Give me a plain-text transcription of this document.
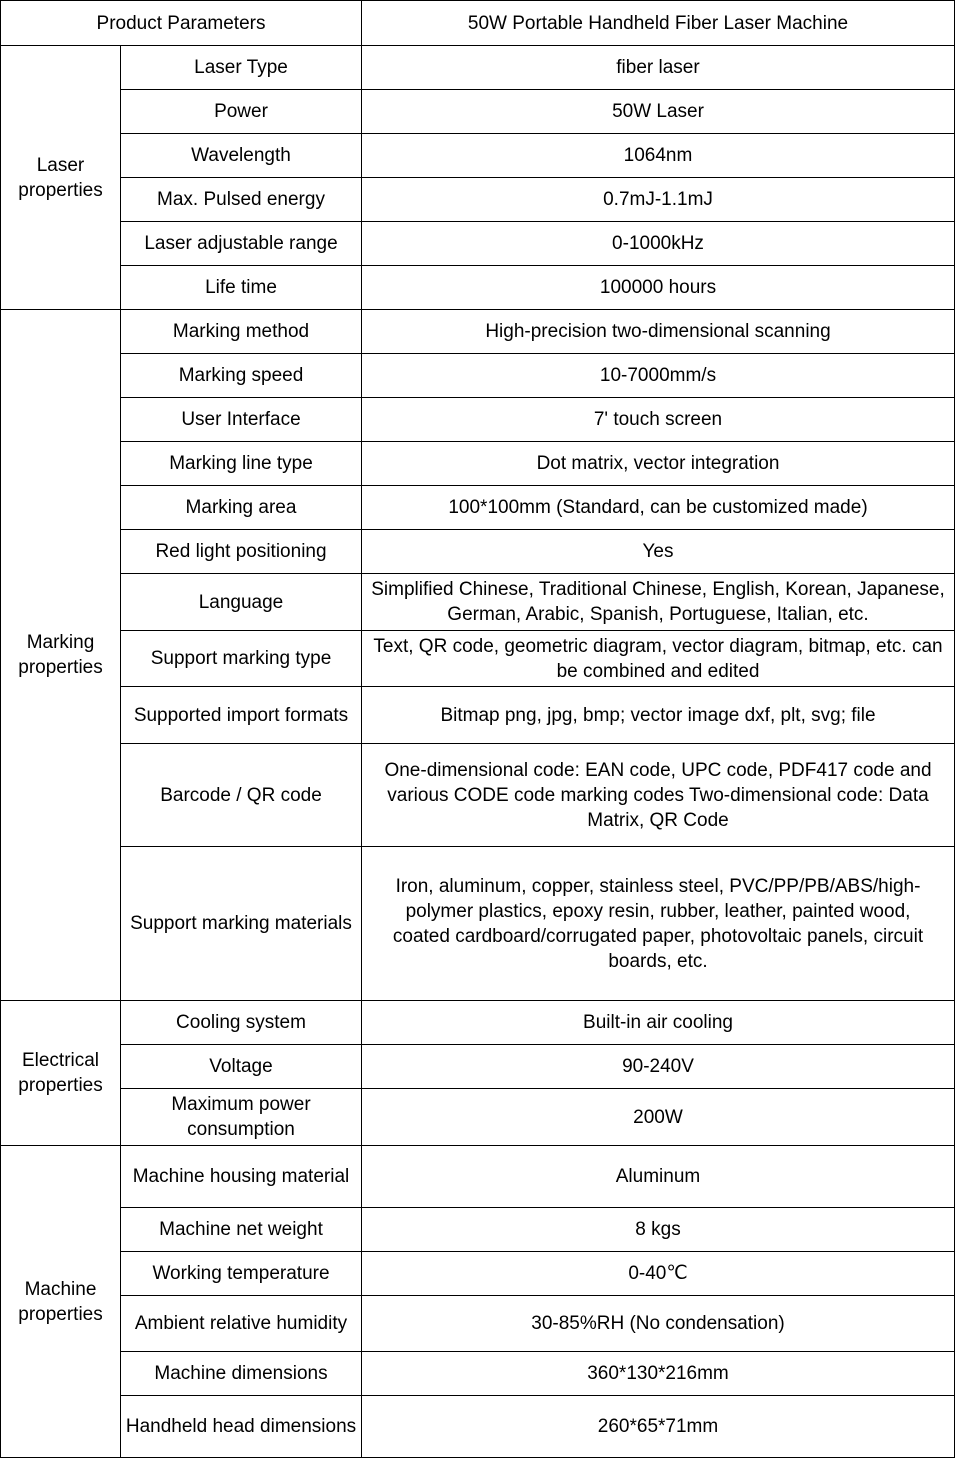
Product Parameters		50W Portable Handheld Fiber Laser Machine
Laser properties	Laser Type	fiber laser
	Power	50W Laser
	Wavelength	1064nm
	Max. Pulsed energy	0.7mJ-1.1mJ
	Laser adjustable range	0-1000kHz
	Life time	100000 hours
Marking properties	Marking method	High-precision two-dimensional scanning
	Marking speed	10-7000mm/s
	User Interface	7' touch screen
	Marking line type	Dot matrix, vector integration
	Marking area	100*100mm (Standard, can be customized made)
	Red light positioning	Yes
	Language	Simplified Chinese, Traditional Chinese, English, Korean, Japanese, German, Arabic, Spanish, Portuguese, Italian, etc.
	Support marking type	Text, QR code, geometric diagram, vector diagram, bitmap, etc. can be combined and edited
	Supported import formats	Bitmap png, jpg, bmp; vector image dxf, plt, svg; file
	Barcode / QR code	One-dimensional code: EAN code, UPC code, PDF417 code and various CODE code marking codes Two-dimensional code: Data Matrix, QR Code
	Support marking materials	Iron, aluminum, copper, stainless steel, PVC/PP/PB/ABS/high-polymer plastics, epoxy resin, rubber, leather, painted wood, coated cardboard/corrugated paper, photovoltaic panels, circuit boards, etc.
Electrical properties	Cooling system	Built-in air cooling
	Voltage	90-240V
	Maximum power consumption	200W
Machine properties	Machine housing material	Aluminum
	Machine net weight	8 kgs
	Working temperature	0-40℃
	Ambient relative humidity	30-85%RH (No condensation)
	Machine dimensions	360*130*216mm
	Handheld head dimensions	260*65*71mm
